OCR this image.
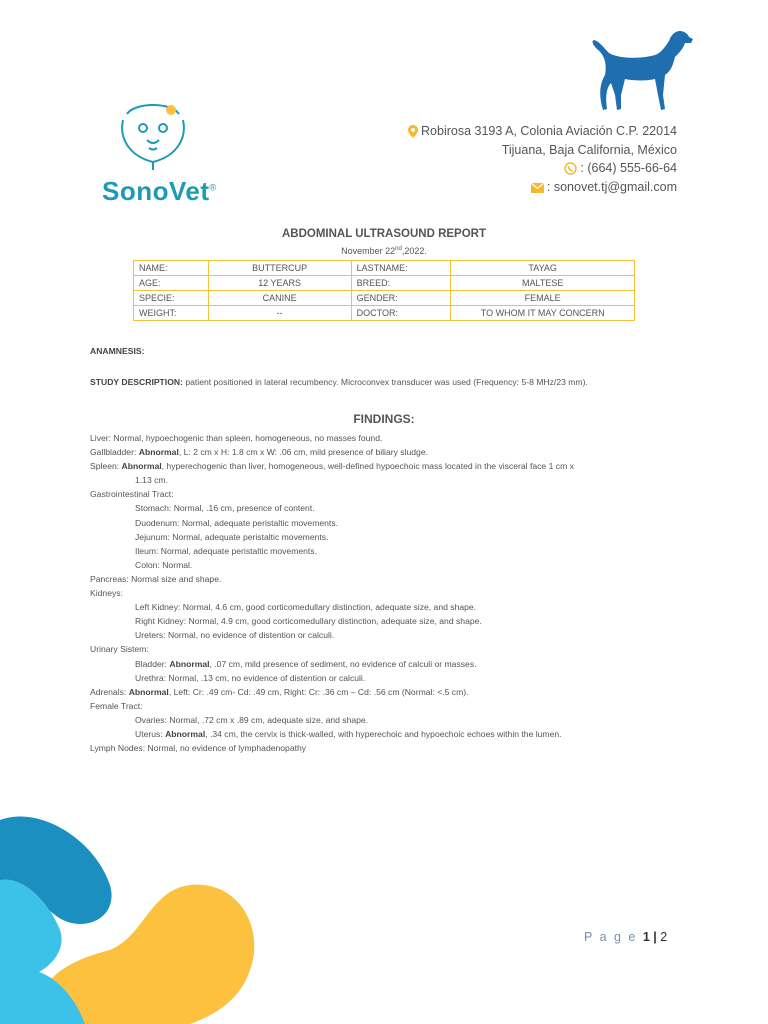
SonoVet®
Robirosa 3193 A, Colonia Aviación C.P. 22014
Tijuana, Baja California, México
: (664) 555-66-64
: sonovet.tj@gmail.com
ABDOMINAL ULTRASOUND REPORT
November 22nd,2022.
NAME:	BUTTERCUP	LASTNAME:	TAYAG
AGE:	12 YEARS	BREED:	MALTESE
SPECIE:	CANINE	GENDER:	FEMALE
WEIGHT:	--	DOCTOR:	TO WHOM IT MAY CONCERN
ANAMNESIS:
STUDY DESCRIPTION: patient positioned in lateral recumbency. Microconvex transducer was used (Frequency: 5-8 MHz/23 mm).
FINDINGS:
Liver: Normal, hypoechogenic than spleen, homogeneous, no masses found.
Gallbladder: Abnormal, L: 2 cm x H: 1.8 cm x W: .06 cm, mild presence of biliary sludge.
Spleen: Abnormal, hyperechogenic than liver, homogeneous, well-defined hypoechoic mass located in the visceral face 1 cm x
1.13 cm.
Gastrointestinal Tract:
Stomach: Normal, .16 cm, presence of content.
Duodenum: Normal, adequate peristaltic movements.
Jejunum: Normal, adequate peristaltic movements.
Ileum: Normal, adequate peristaltic movements.
Colon: Normal.
Pancreas: Normal size and shape.
Kidneys:
Left Kidney: Normal, 4.6 cm, good corticomedullary distinction, adequate size, and shape.
Right Kidney: Normal, 4.9 cm, good corticomedullary distinction, adequate size, and shape.
Ureters: Normal, no evidence of distention or calculi.
Urinary Sistem:
Bladder: Abnormal, .07 cm, mild presence of sediment, no evidence of calculi or masses.
Urethra: Normal, .13 cm, no evidence of distention or calculi.
Adrenals: Abnormal, Left: Cr: .49 cm- Cd: .49 cm, Right: Cr: .36 cm – Cd: .56 cm (Normal: <.5 cm).
Female Tract:
Ovaries: Normal, .72 cm x .89 cm, adequate size, and shape.
Uterus: Abnormal, .34 cm, the cervix is thick-walled, with hyperechoic and hypoechoic echoes within the lumen.
Lymph Nodes: Normal, no evidence of lymphadenopathy
P a g e 1 | 2
